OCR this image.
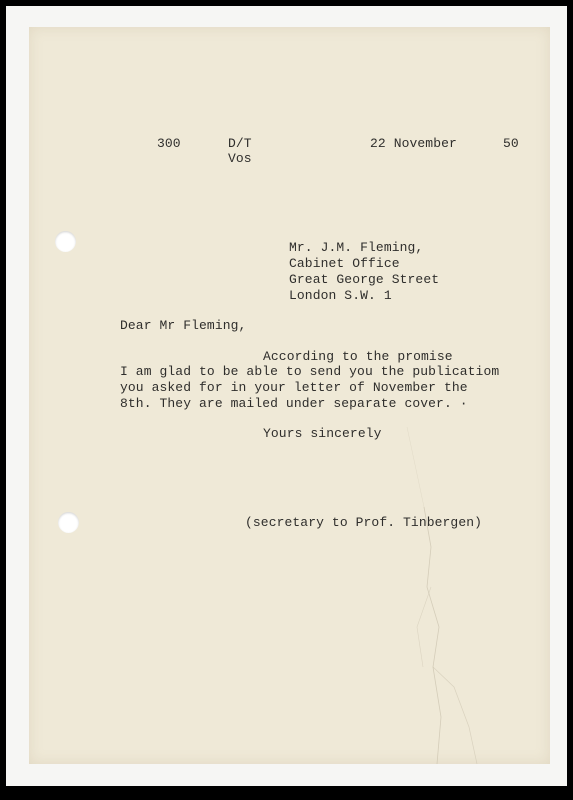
300	D/T
Vos
22 November	50
Mr. J.M. Fleming,
Cabinet Office
Great George Street
London S.W. 1
Dear Mr Fleming,
According to the promise
I am glad to be able to send you the publicatiom
you asked for in your letter of November the
8th. They are mailed under separate cover. ·
Yours sincerely
(secretary to Prof. Tinbergen)
